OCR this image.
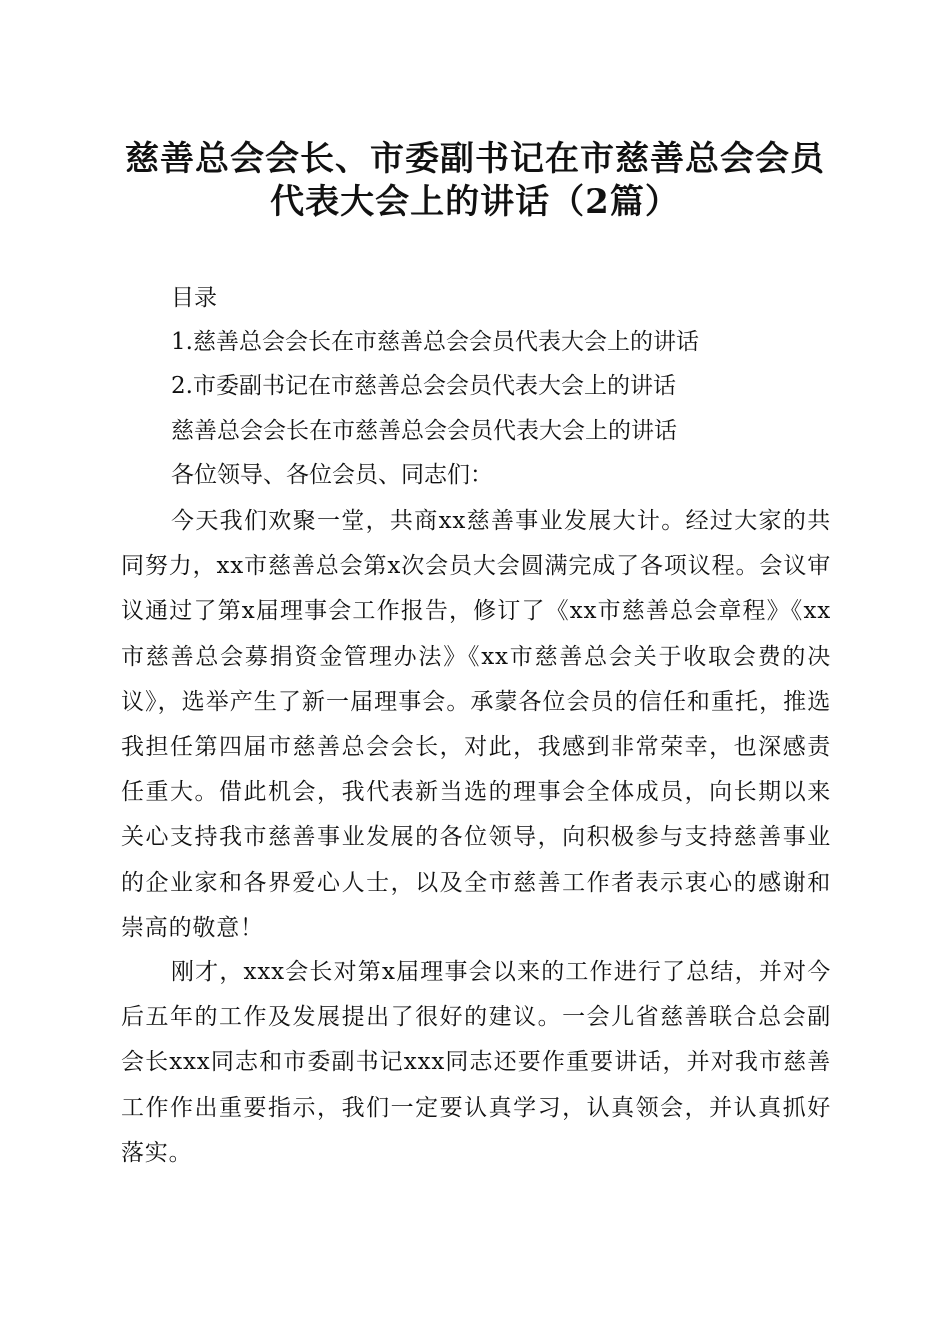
慈善总会会长、市委副书记在市慈善总会会员
代表大会上的讲话（2篇）

目录

1.慈善总会会长在市慈善总会会员代表大会上的讲话

2.市委副书记在市慈善总会会员代表大会上的讲话

慈善总会会长在市慈善总会会员代表大会上的讲话

各位领导、各位会员、同志们：

今天我们欢聚一堂，共商xx慈善事业发展大计。经过大家的共同努力，xx市慈善总会第x次会员大会圆满完成了各项议程。会议审议通过了第x届理事会工作报告，修订了《xx市慈善总会章程》《xx市慈善总会募捐资金管理办法》《xx市慈善总会关于收取会费的决议》，选举产生了新一届理事会。承蒙各位会员的信任和重托，推选我担任第四届市慈善总会会长，对此，我感到非常荣幸，也深感责任重大。借此机会，我代表新当选的理事会全体成员，向长期以来关心支持我市慈善事业发展的各位领导，向积极参与支持慈善事业的企业家和各界爱心人士，以及全市慈善工作者表示衷心的感谢和崇高的敬意！

刚才，xxx会长对第x届理事会以来的工作进行了总结，并对今后五年的工作及发展提出了很好的建议。一会儿省慈善联合总会副会长xxx同志和市委副书记xxx同志还要作重要讲话，并对我市慈善工作作出重要指示，我们一定要认真学习，认真领会，并认真抓好落实。
